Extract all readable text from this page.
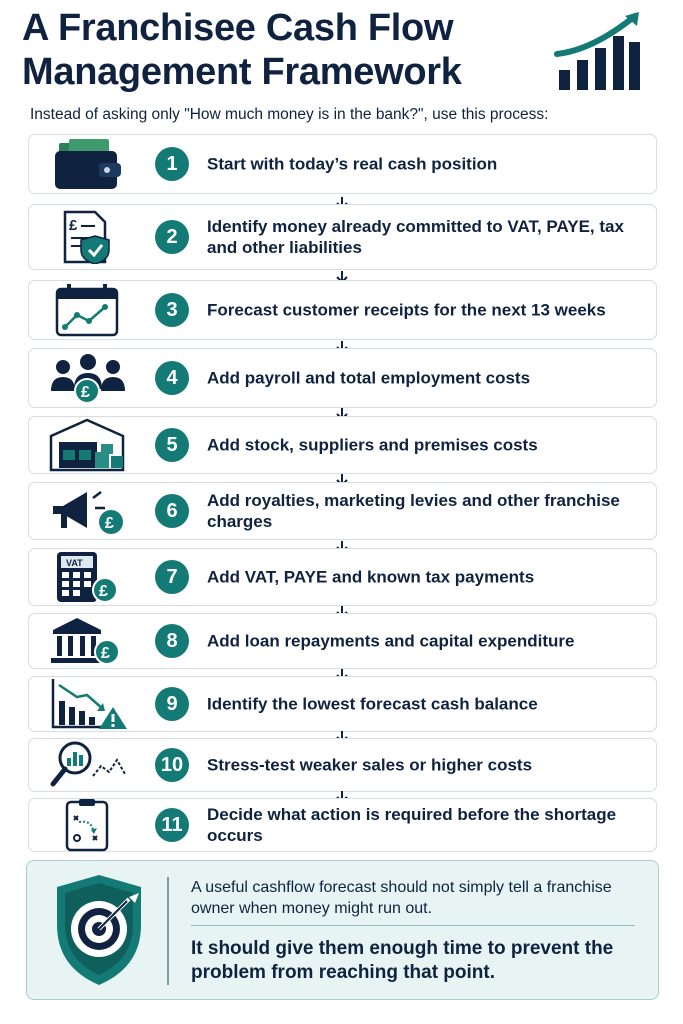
A Franchisee Cash Flow
Management Framework
Instead of asking only "How much money is in the bank?", use this process:
1	Start with today’s real cash position
£
2	Identify money already committed to VAT, PAYE, tax and other liabilities
3	Forecast customer receipts for the next 13 weeks
£
4	Add payroll and total employment costs
5	Add stock, suppliers and premises costs
£
6	Add royalties, marketing levies and other franchise charges
VAT
£
7	Add VAT, PAYE and known tax payments
£
8	Add loan repayments and capital expenditure
9	Identify the lowest forecast cash balance
10	Stress-test weaker sales or higher costs
11	Decide what action is required before the shortage occurs
A useful cashflow forecast should not simply tell a franchise owner when money might run out.
It should give them enough time to prevent the problem from reaching that point.
